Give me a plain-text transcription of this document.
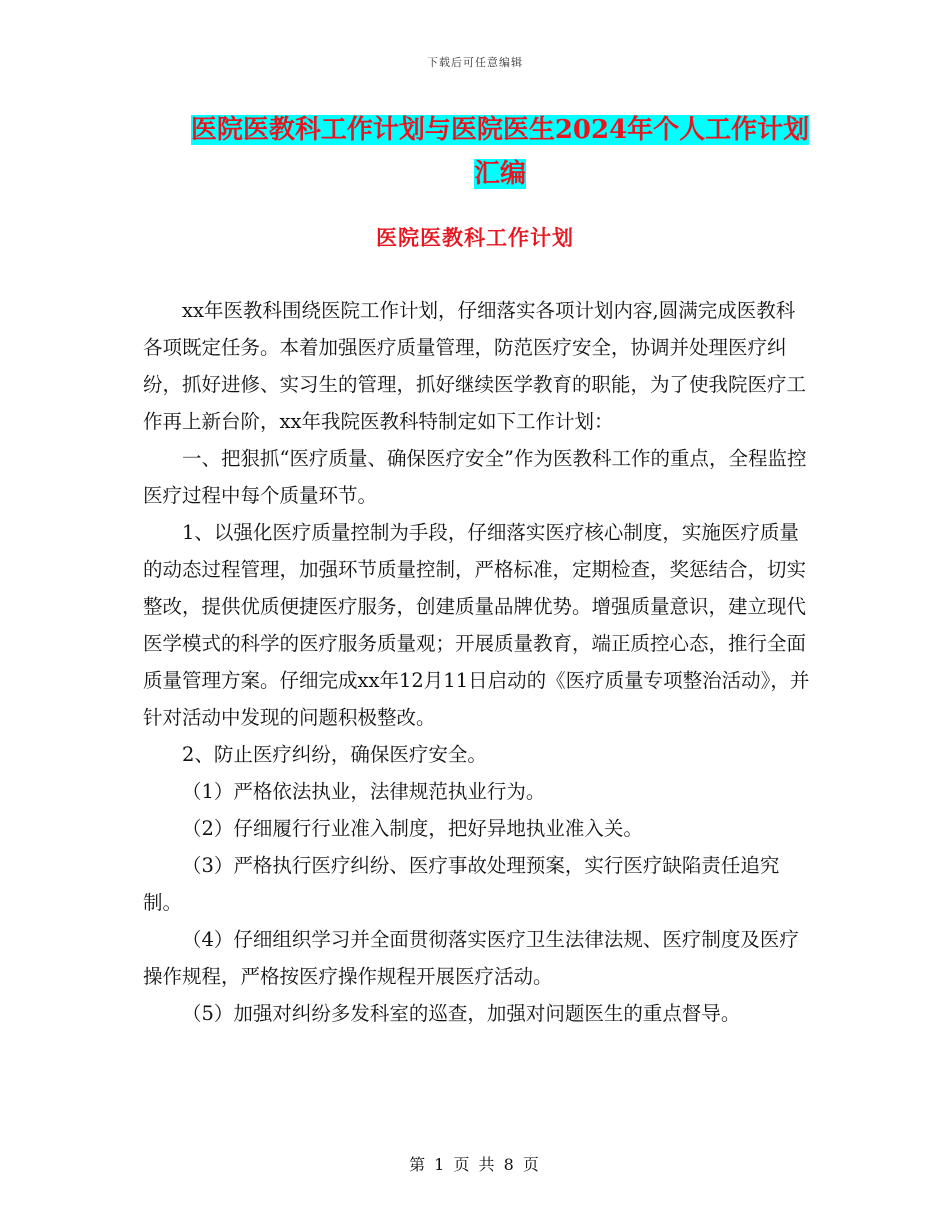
下载后可任意编辑
医院医教科工作计划与医院医生2024年个人工作计划
汇编
医院医教科工作计划

xx年医教科围绕医院工作计划，仔细落实各项计划内容,圆满完成医教科各项既定任务。本着加强医疗质量管理，防范医疗安全，协调并处理医疗纠纷，抓好进修、实习生的管理，抓好继续医学教育的职能，为了使我院医疗工作再上新台阶，xx年我院医教科特制定如下工作计划：

一、把狠抓“医疗质量、确保医疗安全”作为医教科工作的重点，全程监控医疗过程中每个质量环节。

1、以强化医疗质量控制为手段，仔细落实医疗核心制度，实施医疗质量的动态过程管理，加强环节质量控制，严格标准，定期检查，奖惩结合，切实整改，提供优质便捷医疗服务，创建质量品牌优势。增强质量意识，建立现代医学模式的科学的医疗服务质量观；开展质量教育，端正质控心态，推行全面质量管理方案。仔细完成xx年12月11日启动的《医疗质量专项整治活动》，并针对活动中发现的问题积极整改。

2、防止医疗纠纷，确保医疗安全。

（1）严格依法执业，法律规范执业行为。

（2）仔细履行行业准入制度，把好异地执业准入关。

（3）严格执行医疗纠纷、医疗事故处理预案，实行医疗缺陷责任追究制。

（4）仔细组织学习并全面贯彻落实医疗卫生法律法规、医疗制度及医疗操作规程，严格按医疗操作规程开展医疗活动。

（5）加强对纠纷多发科室的巡查，加强对问题医生的重点督导。

第 1 页 共 8 页
